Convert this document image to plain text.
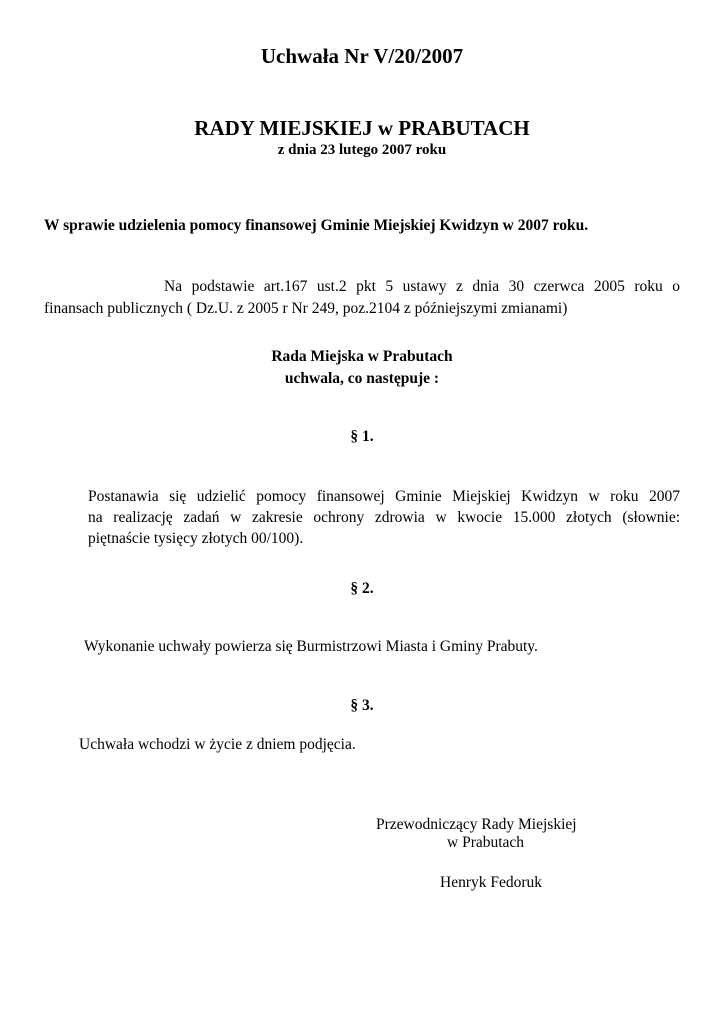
Uchwała Nr V/20/2007
RADY MIEJSKIEJ w PRABUTACH

z dnia 23 lutego 2007 roku

W sprawie udzielenia pomocy finansowej Gminie Miejskiej Kwidzyn w 2007 roku.

Na podstawie art.167 ust.2 pkt 5 ustawy z dnia 30 czerwca 2005 roku o
finansach publicznych ( Dz.U. z 2005 r Nr 249, poz.2104 z późniejszymi zmianami)

Rada Miejska w Prabutach

uchwala, co następuje :

§ 1.

Postanawia się udzielić pomocy finansowej Gminie Miejskiej Kwidzyn w roku 2007
na realizację zadań w zakresie ochrony zdrowia w kwocie 15.000 złotych (słownie:
piętnaście tysięcy złotych 00/100).

§ 2.

Wykonanie uchwały powierza się Burmistrzowi Miasta i Gminy Prabuty.

§ 3.

Uchwała wchodzi w życie z dniem podjęcia.

Przewodniczący Rady Miejskiej

w Prabutach

Henryk Fedoruk
